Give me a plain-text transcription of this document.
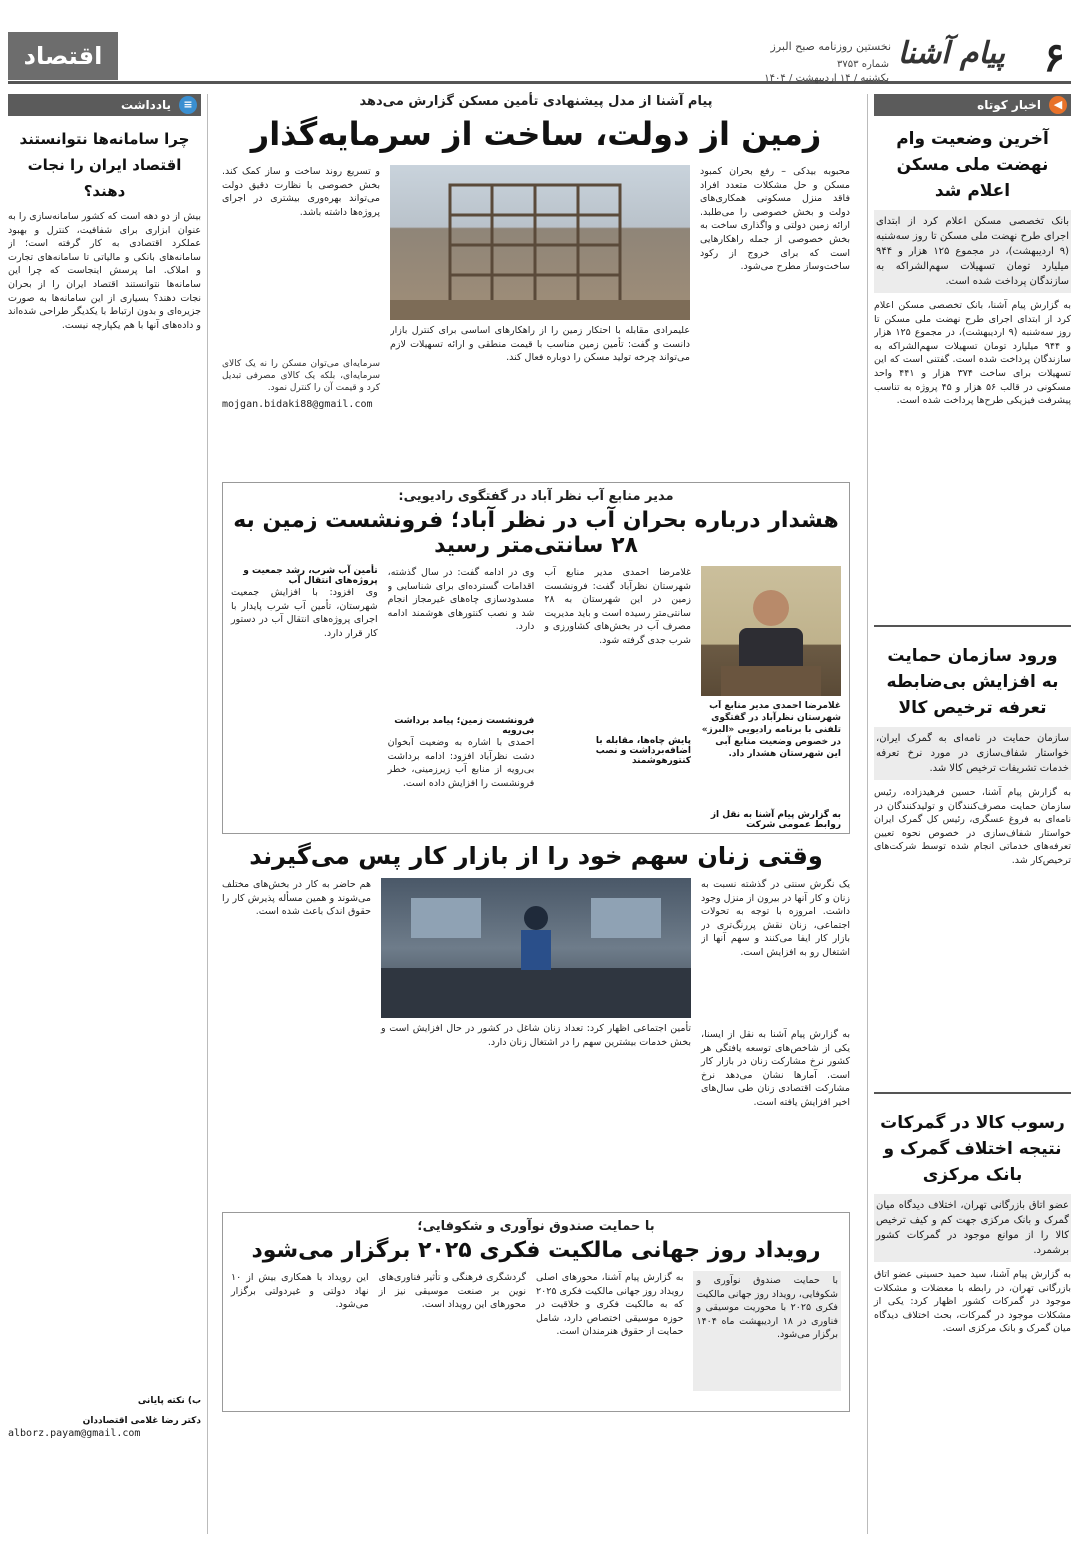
۶
پیام آشنا
نخستین روزنامه صبح البرز
شماره ۳۷۵۳
یکشنبه / ۱۴ اردیبهشت / ۱۴۰۴
اقتصاد
◀
اخبار کوتاه
آخرین وضعیت وام نهضت ملی مسکن اعلام شد
بانک تخصصی مسکن اعلام کرد از ابتدای اجرای طرح نهضت ملی مسکن تا روز سه‌شنبه (۹ اردیبهشت)، در مجموع ۱۲۵ هزار و ۹۴۴ میلیارد تومان تسهیلات سهم‌الشراکه به سازندگان پرداخت شده است.
به گزارش پیام آشنا، بانک تخصصی مسکن اعلام کرد از ابتدای اجرای طرح نهضت ملی مسکن تا روز سه‌شنبه (۹ اردیبهشت)، در مجموع ۱۲۵ هزار و ۹۴۴ میلیارد تومان تسهیلات سهم‌الشراکه به سازندگان پرداخت شده است. گفتنی است که این تسهیلات برای ساخت ۳۷۴ هزار و ۴۴۱ واحد مسکونی در قالب ۵۶ هزار و ۴۵ پروژه به تناسب پیشرفت فیزیکی طرح‌ها پرداخت شده است.
ورود سازمان حمایت به افزایش بی‌ضابطه تعرفه ترخیص کالا
سازمان حمایت در نامه‌ای به گمرک ایران، خواستار شفاف‌سازی در مورد نرخ تعرفه خدمات تشریفات ترخیص کالا شد.
به گزارش پیام آشنا، حسین فرهیدزاده، رئیس سازمان حمایت مصرف‌کنندگان و تولیدکنندگان در نامه‌ای به فروغ عسگری، رئیس کل گمرک ایران خواستار شفاف‌سازی در خصوص نحوه تعیین تعرفه‌های خدماتی انجام شده توسط شرکت‌های ترخیص‌کار شد.
رسوب کالا در گمرکات نتیجه اختلاف گمرک و بانک مرکزی
عضو اتاق بازرگانی تهران، اختلاف دیدگاه میان گمرک و بانک مرکزی جهت کم و کیف ترخیص کالا را از موانع موجود در گمرکات کشور برشمرد.
به گزارش پیام آشنا، سید حمید حسینی عضو اتاق بازرگانی تهران، در رابطه با معضلات و مشکلات موجود در گمرکات کشور اظهار کرد: یکی از مشکلات موجود در گمرکات، بحث اختلاف دیدگاه میان گمرک و بانک مرکزی است.
≡
یادداشت
چرا سامانه‌ها نتوانستند اقتصاد ایران را نجات دهند؟
بیش از دو دهه است که کشور سامانه‌سازی را به عنوان ابزاری برای شفافیت، کنترل و بهبود عملکرد اقتصادی به کار گرفته است؛ از سامانه‌های بانکی و مالیاتی تا سامانه‌های تجارت و املاک. اما پرسش اینجاست که چرا این سامانه‌ها نتوانستند اقتصاد ایران را از بحران نجات دهند؟ بسیاری از این سامانه‌ها به صورت جزیره‌ای و بدون ارتباط با یکدیگر طراحی شده‌اند و داده‌های آنها با هم یکپارچه نیست.
ب) نکته پایانی
دکتر رضا غلامی اقتصاددان
alborz.payam@gmail.com
پیام آشنا از مدل پیشنهادی تأمین مسکن گزارش می‌دهد
زمین از دولت، ساخت از سرمایه‌گذار
محبوبه بیدکی – رفع بحران کمبود مسکن و حل مشکلات متعدد افراد فاقد منزل مسکونی همکاری‌های دولت و بخش خصوصی را می‌طلبد. ارائه زمین دولتی و واگذاری ساخت به بخش خصوصی از جمله راهکارهایی است که برای خروج از رکود ساخت‌وساز مطرح می‌شود.
علیمرادی مقابله با احتکار زمین را از راهکارهای اساسی برای کنترل بازار دانست و گفت: تأمین زمین مناسب با قیمت منطقی و ارائه تسهیلات لازم می‌تواند چرخه تولید مسکن را دوباره فعال کند.
و تسریع روند ساخت و ساز کمک کند. بخش خصوصی با نظارت دقیق دولت می‌تواند بهره‌وری بیشتری در اجرای پروژه‌ها داشته باشد.
سرمایه‌ای می‌توان مسکن را نه یک کالای سرمایه‌ای، بلکه یک کالای مصرفی تبدیل کرد و قیمت آن را کنترل نمود.
mojgan.bidaki88@gmail.com
مدیر منابع آب نظر آباد در گفتگوی رادیویی:
هشدار درباره بحران آب در نظر آباد؛ فرونشست زمین به ۲۸ سانتی‌متر رسید
غلامرضا احمدی مدیر منابع آب شهرستان نظرآباد در گفتگوی تلفنی با برنامه رادیویی «البرز» در خصوص وضعیت منابع آبی این شهرستان هشدار داد.
به گزارش پیام آشنا به نقل از روابط عمومی شرکت
غلامرضا احمدی مدیر منابع آب شهرستان نظرآباد گفت: فرونشست زمین در این شهرستان به ۲۸ سانتی‌متر رسیده است و باید مدیریت مصرف آب در بخش‌های کشاورزی و شرب جدی گرفته شود.
پایش چاه‌ها، مقابله با اضافه‌برداشت و نصب کنتورهوشمند
وی در ادامه گفت: در سال گذشته، اقدامات گسترده‌ای برای شناسایی و مسدودسازی چاه‌های غیرمجاز انجام شد و نصب کنتورهای هوشمند ادامه دارد.
فرونشست زمین؛ پیامد برداشت بی‌رویه
احمدی با اشاره به وضعیت آبخوان دشت نظرآباد افزود: ادامه برداشت بی‌رویه از منابع آب زیرزمینی، خطر فرونشست را افزایش داده است.
تأمین آب شرب، رشد جمعیت و پروژه‌های انتقال آب
وی افزود: با افزایش جمعیت شهرستان، تأمین آب شرب پایدار با اجرای پروژه‌های انتقال آب در دستور کار قرار دارد.
وقتی زنان سهم خود را از بازار کار پس می‌گیرند
یک نگرش سنتی در گذشته نسبت به زنان و کار آنها در بیرون از منزل وجود داشت. امروزه با توجه به تحولات اجتماعی، زنان نقش پررنگ‌تری در بازار کار ایفا می‌کنند و سهم آنها از اشتغال رو به افزایش است.
به گزارش پیام آشنا به نقل از ایسنا، یکی از شاخص‌های توسعه یافتگی هر کشور نرخ مشارکت زنان در بازار کار است. آمارها نشان می‌دهد نرخ مشارکت اقتصادی زنان طی سال‌های اخیر افزایش یافته است.
تأمین اجتماعی اظهار کرد: تعداد زنان شاغل در کشور در حال افزایش است و بخش خدمات بیشترین سهم را در اشتغال زنان دارد.
هم حاضر به کار در بخش‌های مختلف می‌شوند و همین مسأله پذیرش کار را حقوق اندک باعث شده است.
با حمایت صندوق نوآوری و شکوفایی؛
رویداد روز جهانی مالکیت فکری ۲۰۲۵ برگزار می‌شود
با حمایت صندوق نوآوری و شکوفایی، رویداد روز جهانی مالکیت فکری ۲۰۲۵ با محوریت موسیقی و فناوری در ۱۸ اردیبهشت ماه ۱۴۰۴ برگزار می‌شود.
به گزارش پیام آشنا، محورهای اصلی رویداد روز جهانی مالکیت فکری ۲۰۲۵ که به مالکیت فکری و خلاقیت در حوزه موسیقی اختصاص دارد، شامل حمایت از حقوق هنرمندان است.
گردشگری فرهنگی و تأثیر فناوری‌های نوین بر صنعت موسیقی نیز از محورهای این رویداد است.
این رویداد با همکاری بیش از ۱۰ نهاد دولتی و غیردولتی برگزار می‌شود.
